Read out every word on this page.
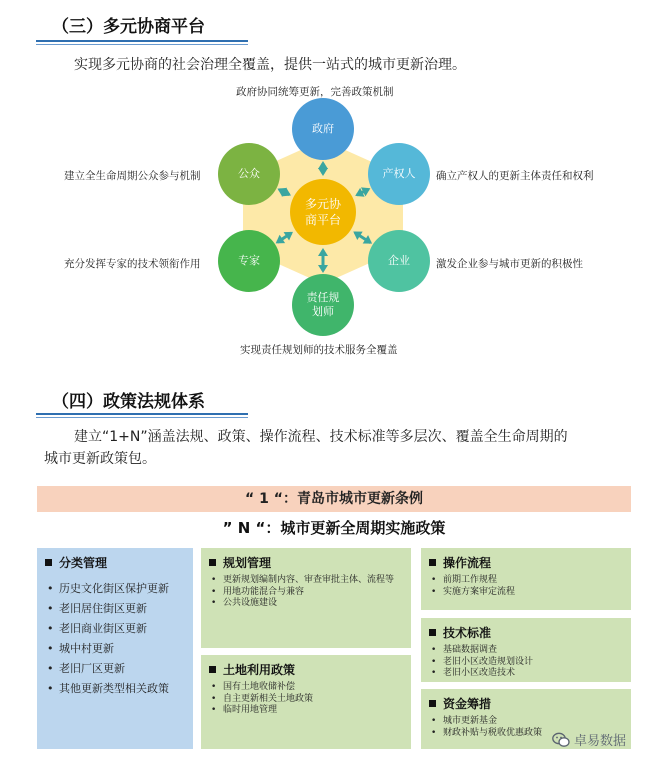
（三）多元协商平台
实现多元协商的社会治理全覆盖，提供一站式的城市更新治理。
政府
产权人
企业
责任规划师
专家
公众
多元协商平台
政府协同统筹更新，完善政策机制
确立产权人的更新主体责任和权利
激发企业参与城市更新的积极性
实现责任规划师的技术服务全覆盖
充分发挥专家的技术领衔作用
建立全生命周期公众参与机制
（四）政策法规体系
建立“1+N”涵盖法规、政策、操作流程、技术标准等多层次、覆盖全生命周期的
城市更新政策包。
“ 1 “：青岛市城市更新条例
” N “：城市更新全周期实施政策
分类管理
• 历史文化街区保护更新
• 老旧居住街区更新
• 老旧商业街区更新
• 城中村更新
• 老旧厂区更新
• 其他更新类型相关政策
规划管理
• 更新规划编制内容、审查审批主体、流程等
• 用地功能混合与兼容
• 公共设施建设
土地利用政策
• 国有土地收储补偿
• 自主更新相关土地政策
• 临时用地管理
操作流程
• 前期工作规程
• 实施方案审定流程
技术标准
• 基础数据调查
• 老旧小区改造规划设计
• 老旧小区改造技术
资金筹措
• 城市更新基金
• 财政补贴与税收优惠政策
卓易数据
